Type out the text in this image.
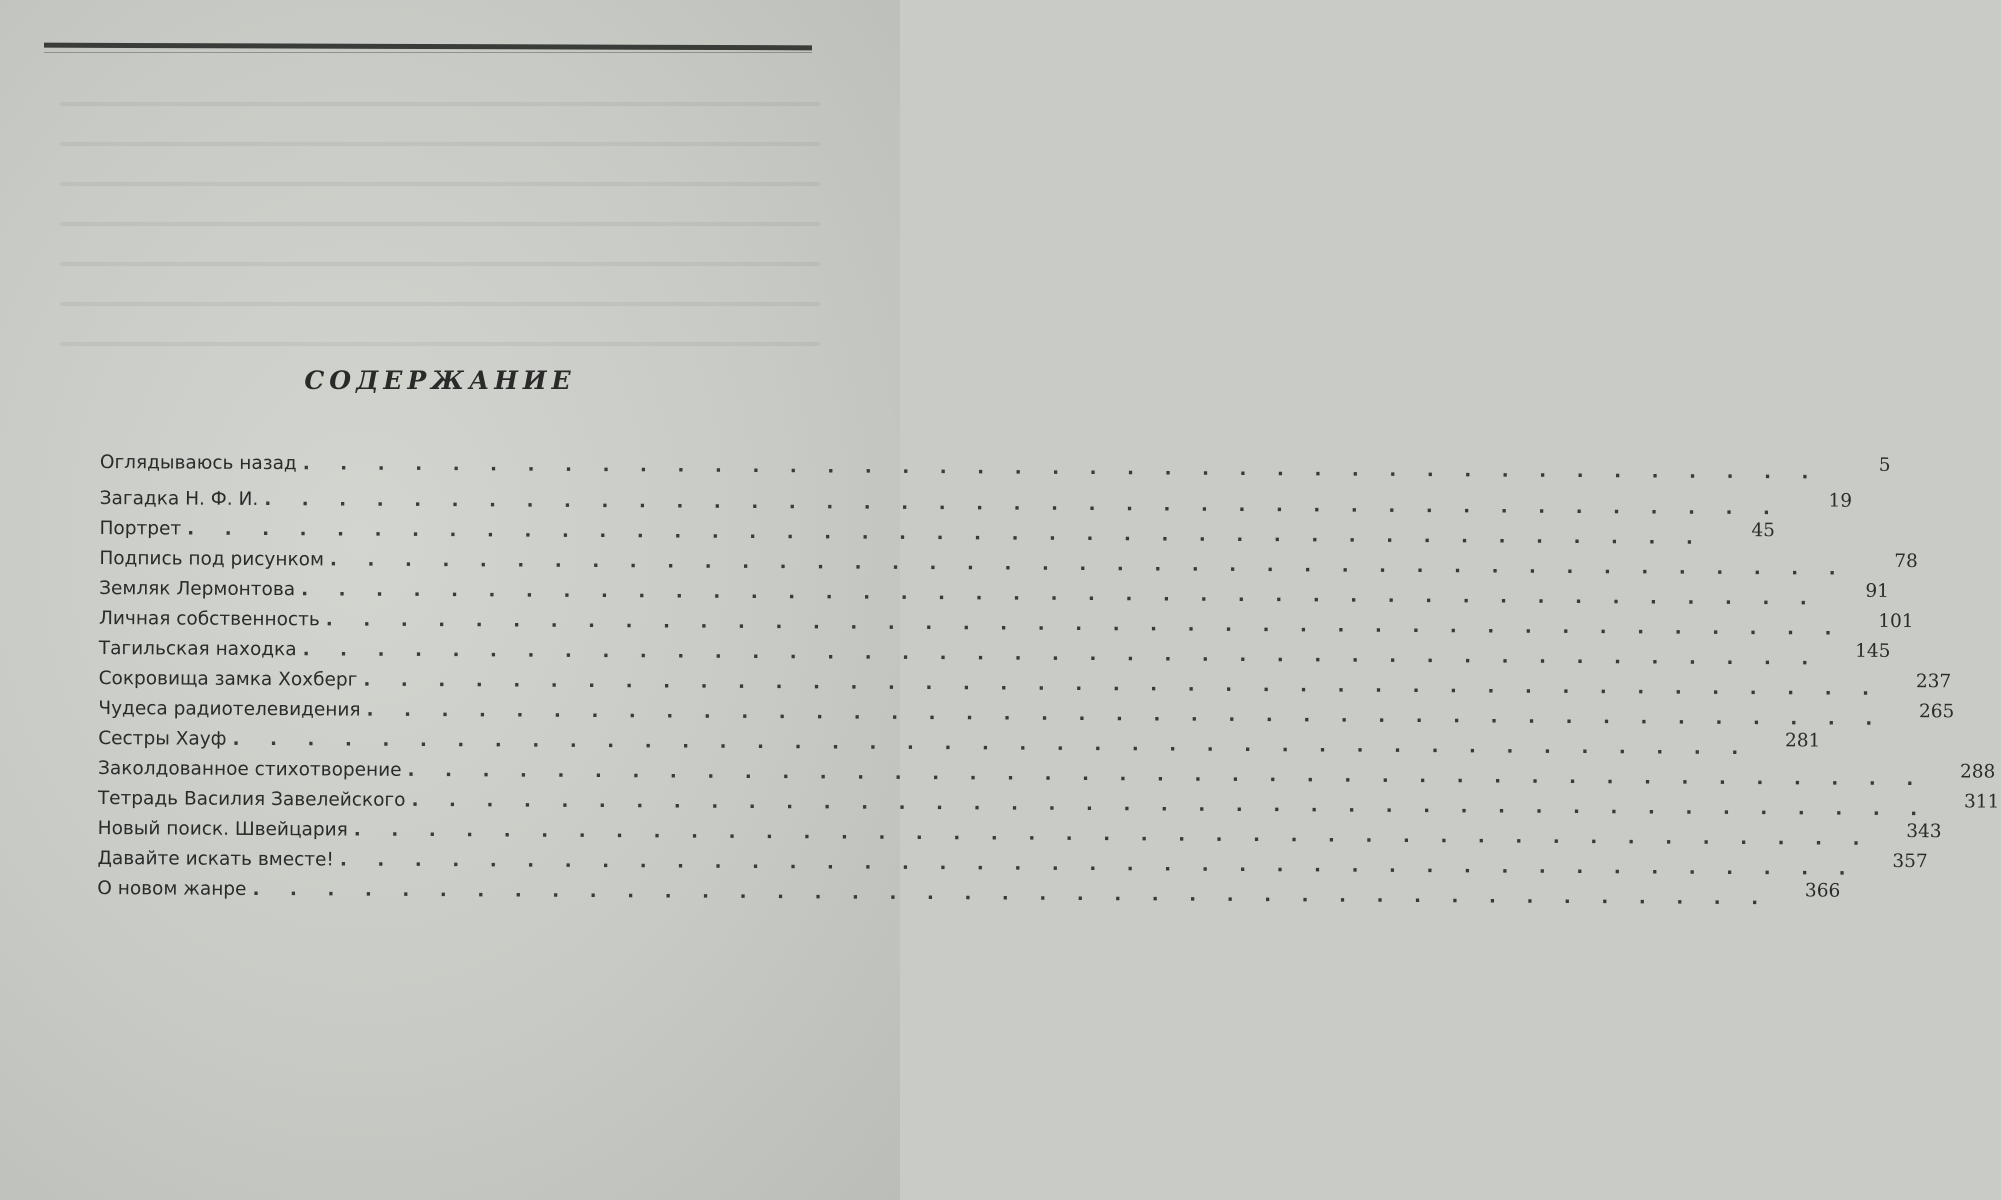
СОДЕРЖАНИЕ
Оглядываюсь назад . . . . . . . . . . . . . . . . . . . . . . . . . . . . . . . . . . . . . . . . .	5
Загадка Н. Ф. И. . . . . . . . . . . . . . . . . . . . . . . . . . . . . . . . . . . . . . . . . .	19
Портрет . . . . . . . . . . . . . . . . . . . . . . . . . . . . . . . . . . . . . . . . .	45
Подпись под рисунком . . . . . . . . . . . . . . . . . . . . . . . . . . . . . . . . . . . . . . . . .	78
Земляк Лермонтова . . . . . . . . . . . . . . . . . . . . . . . . . . . . . . . . . . . . . . . . .	91
Личная собственность . . . . . . . . . . . . . . . . . . . . . . . . . . . . . . . . . . . . . . . . .	101
Тагильская находка . . . . . . . . . . . . . . . . . . . . . . . . . . . . . . . . . . . . . . . . .	145
Сокровища замка Хохберг . . . . . . . . . . . . . . . . . . . . . . . . . . . . . . . . . . . . . . . . .	237
Чудеса радиотелевидения . . . . . . . . . . . . . . . . . . . . . . . . . . . . . . . . . . . . . . . . .	265
Сестры Хауф . . . . . . . . . . . . . . . . . . . . . . . . . . . . . . . . . . . . . . . . .	281
Заколдованное стихотворение . . . . . . . . . . . . . . . . . . . . . . . . . . . . . . . . . . . . . . . . .	288
Тетрадь Василия Завелейского . . . . . . . . . . . . . . . . . . . . . . . . . . . . . . . . . . . . . . . . .	311
Новый поиск. Швейцария . . . . . . . . . . . . . . . . . . . . . . . . . . . . . . . . . . . . . . . . .	343
Давайте искать вместе! . . . . . . . . . . . . . . . . . . . . . . . . . . . . . . . . . . . . . . . . .	357
О новом жанре . . . . . . . . . . . . . . . . . . . . . . . . . . . . . . . . . . . . . . . . .	366
